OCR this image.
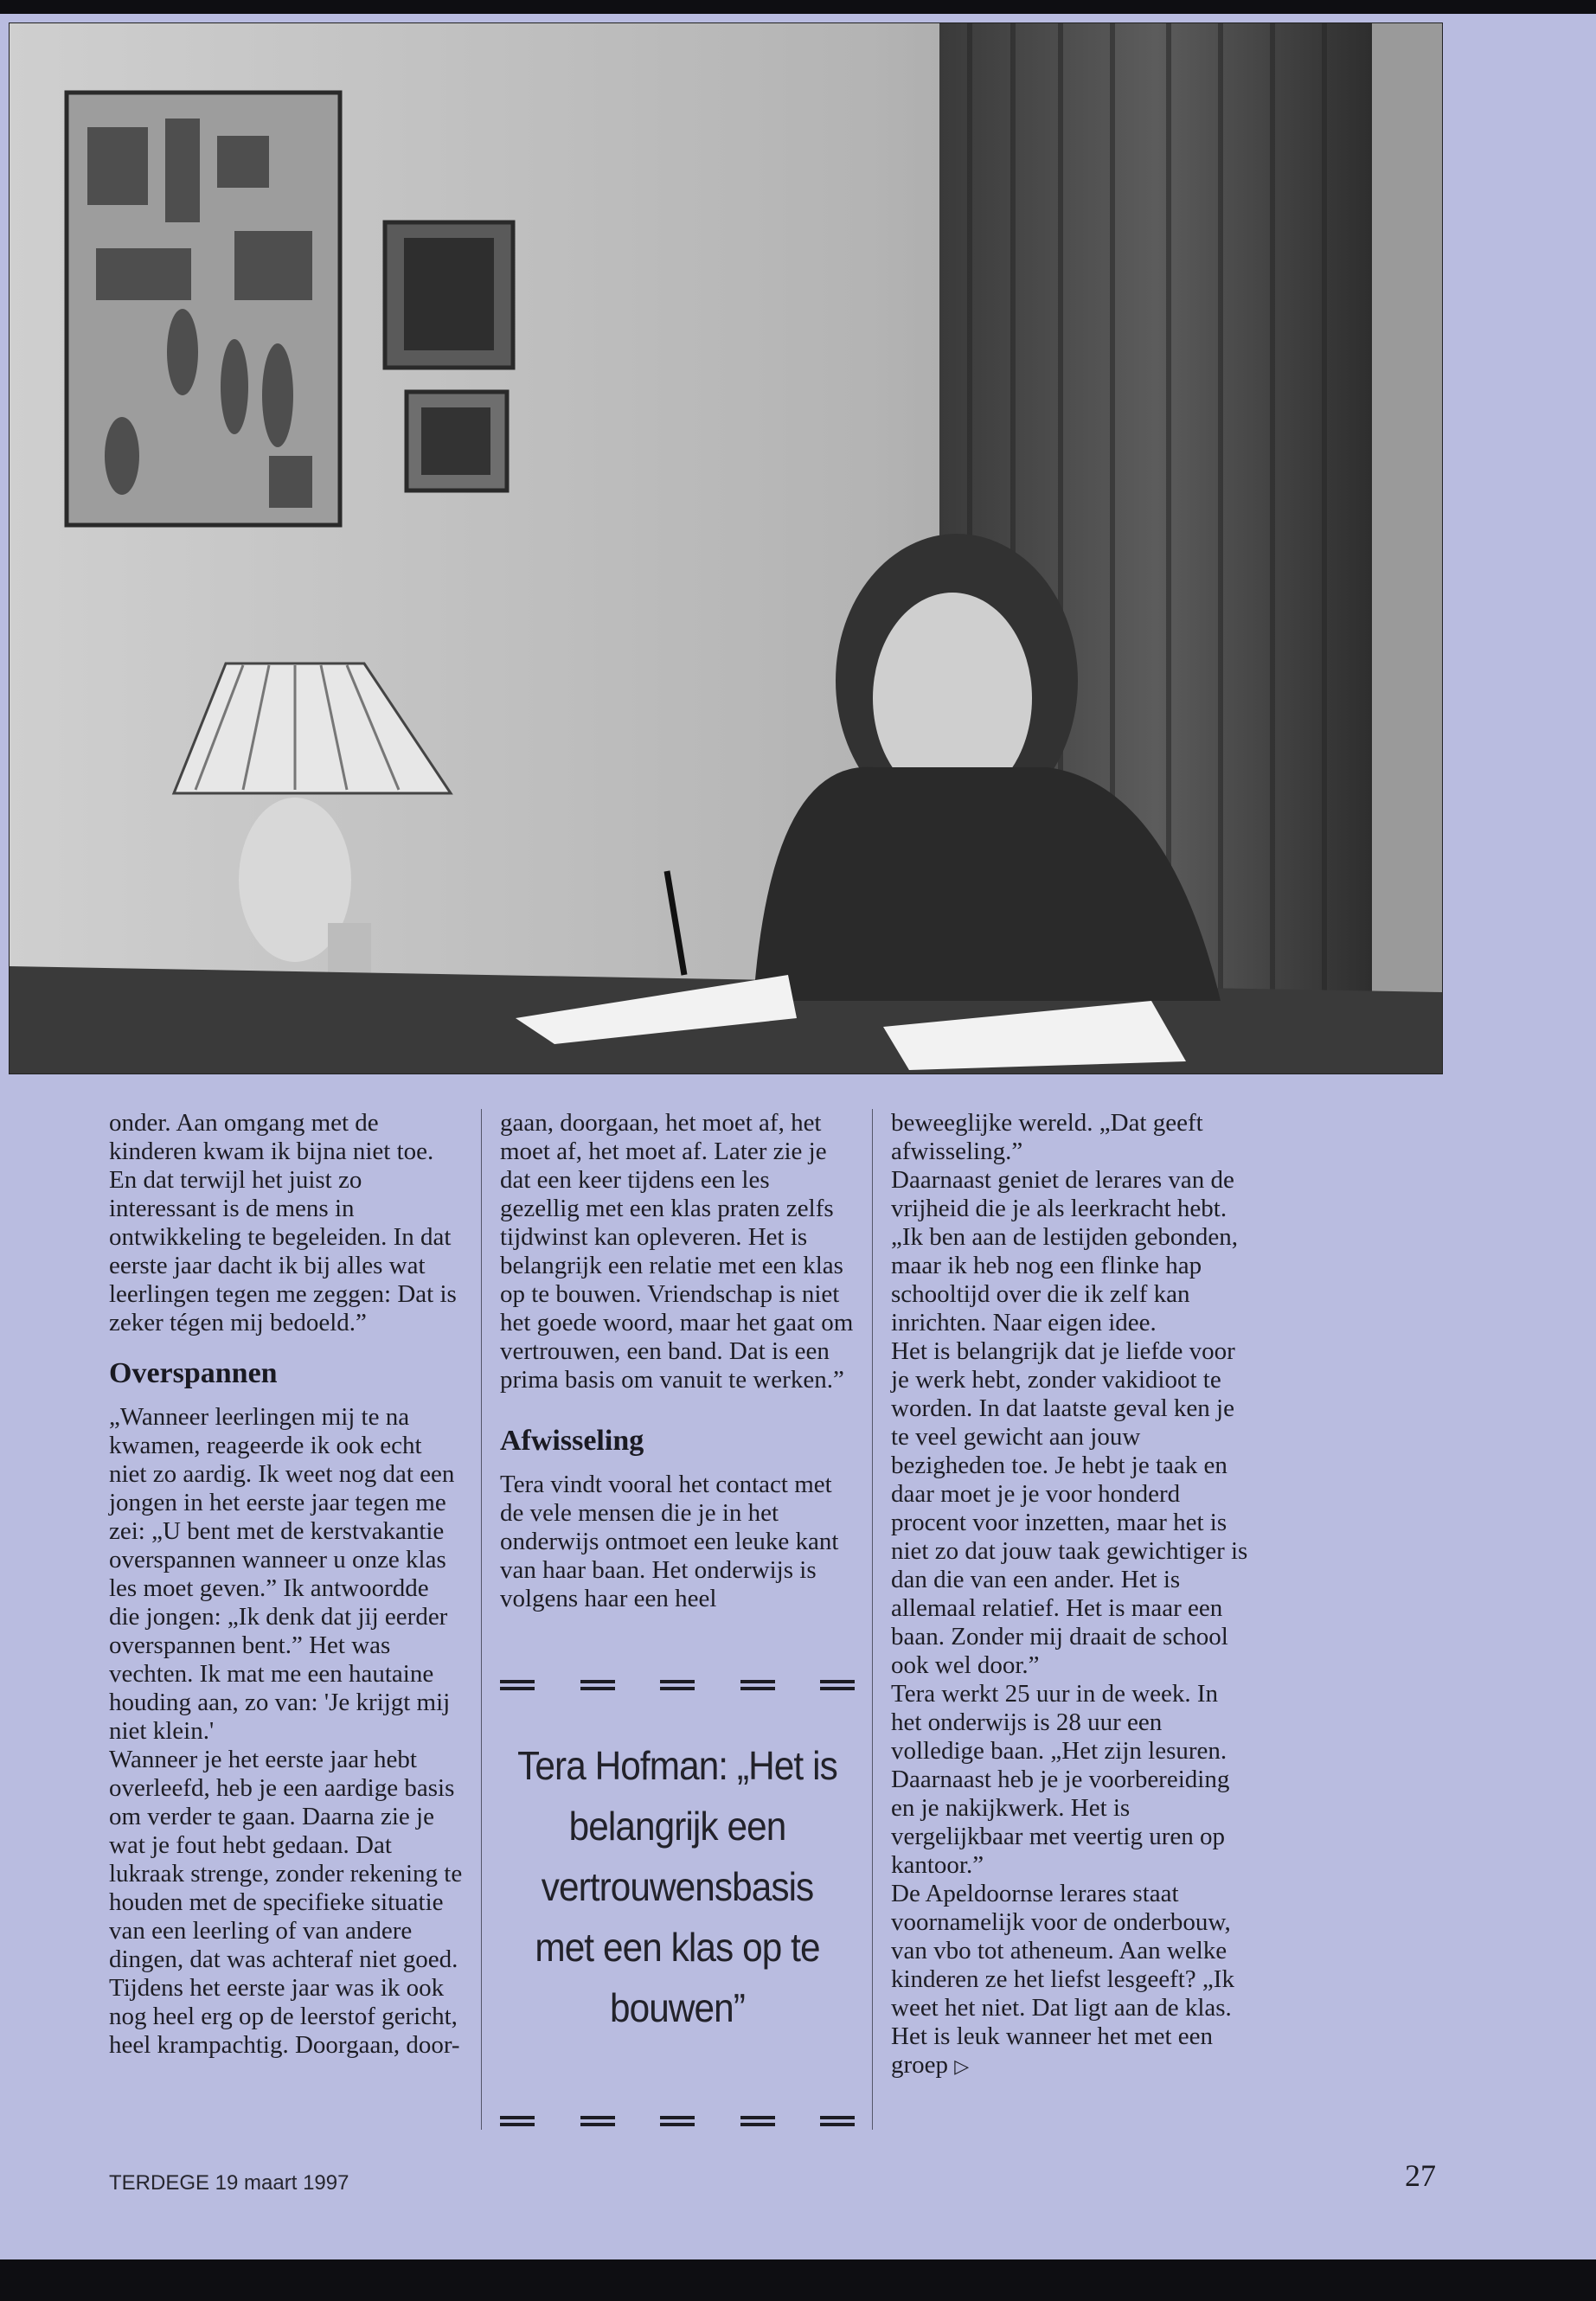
onder. Aan omgang met de kinderen kwam ik bijna niet toe. En dat terwijl het juist zo interessant is de mens in ontwikkeling te begeleiden. In dat eerste jaar dacht ik bij alles wat leerlingen tegen me zeggen: Dat is zeker tégen mij bedoeld.”

Overspannen

„Wanneer leerlingen mij te na kwamen, reageerde ik ook echt niet zo aardig. Ik weet nog dat een jongen in het eerste jaar tegen me zei: „U bent met de kerstvakantie overspannen wanneer u onze klas les moet geven.” Ik antwoordde die jongen: „Ik denk dat jij eerder overspannen bent.” Het was vechten. Ik mat me een hautaine houding aan, zo van: 'Je krijgt mij niet klein.'

Wanneer je het eerste jaar hebt overleefd, heb je een aardige basis om verder te gaan. Daarna zie je wat je fout hebt gedaan. Dat lukraak strenge, zonder rekening te houden met de specifieke situatie van een leerling of van andere dingen, dat was achteraf niet goed. Tijdens het eerste jaar was ik ook nog heel erg op de leerstof gericht, heel krampachtig. Doorgaan, door-

gaan, doorgaan, het moet af, het moet af, het moet af. Later zie je dat een keer tijdens een les gezellig met een klas praten zelfs tijdwinst kan opleveren. Het is belangrijk een relatie met een klas op te bouwen. Vriendschap is niet het goede woord, maar het gaat om vertrouwen, een band. Dat is een prima basis om vanuit te werken.”

Afwisseling

Tera vindt vooral het contact met de vele mensen die je in het onderwijs ontmoet een leuke kant van haar baan. Het onderwijs is volgens haar een heel

Tera Hofman: „Het is belangrijk een vertrouwensbasis met een klas op te bouwen”

beweeglijke wereld. „Dat geeft afwisseling.”

Daarnaast geniet de lerares van de vrijheid die je als leerkracht hebt. „Ik ben aan de lestijden gebonden, maar ik heb nog een flinke hap schooltijd over die ik zelf kan inrichten. Naar eigen idee.

Het is belangrijk dat je liefde voor je werk hebt, zonder vakidioot te worden. In dat laatste geval ken je te veel gewicht aan jouw bezigheden toe. Je hebt je taak en daar moet je je voor honderd procent voor inzetten, maar het is niet zo dat jouw taak gewichtiger is dan die van een ander. Het is allemaal relatief. Het is maar een baan. Zonder mij draait de school ook wel door.”

Tera werkt 25 uur in de week. In het onderwijs is 28 uur een volledige baan. „Het zijn lesuren. Daarnaast heb je je voorbereiding en je nakijkwerk. Het is vergelijkbaar met veertig uren op kantoor.”

De Apeldoornse lerares staat voornamelijk voor de onderbouw, van vbo tot atheneum. Aan welke kinderen ze het liefst lesgeeft? „Ik weet het niet. Dat ligt aan de klas. Het is leuk wanneer het met een groep ▷

TERDEGE 19 maart 1997	27
